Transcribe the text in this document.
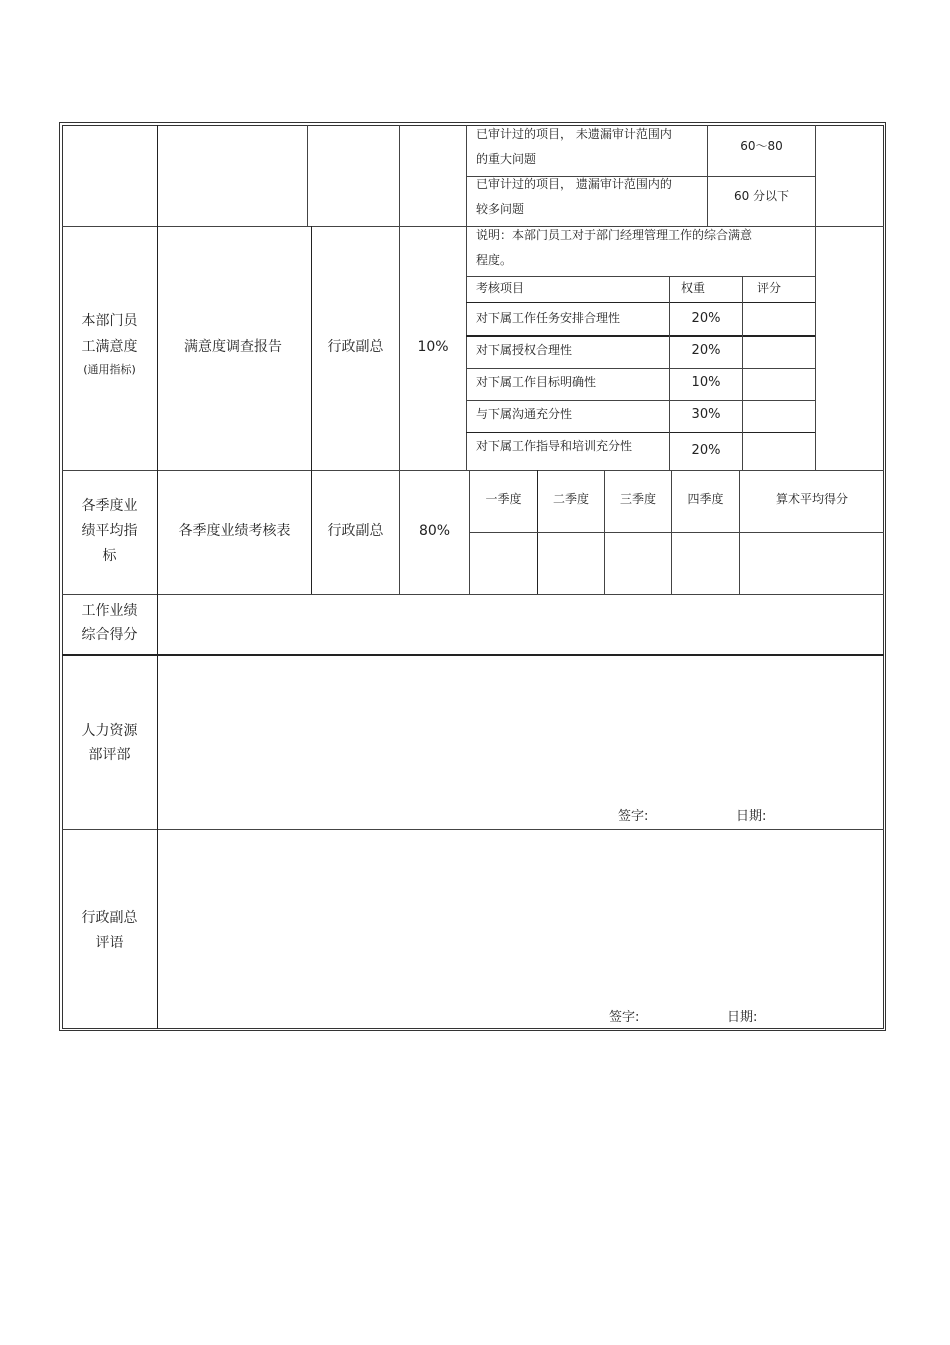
已审计过的项目， 未遗漏审计范围内
的重大问题
60～80
已审计过的项目， 遗漏审计范围内的
较多问题
60 分以下
本部门员
工满意度
(通用指标)
满意度调查报告	行政副总	10%
说明：本部门员工对于部门经理管理工作的综合满意
程度。
考核项目	权重	评分
对下属工作任务安排合理性	20%
对下属授权合理性	20%
对下属工作目标明确性	10%
与下属沟通充分性	30%
对下属工作指导和培训充分性	20%
各季度业
绩平均指
标
各季度业绩考核表	行政副总	80%
一季度	二季度	三季度	四季度	算术平均得分
工作业绩
综合得分
人力资源
部评部
签字:	日期:
行政副总
评语
签字:	日期:
